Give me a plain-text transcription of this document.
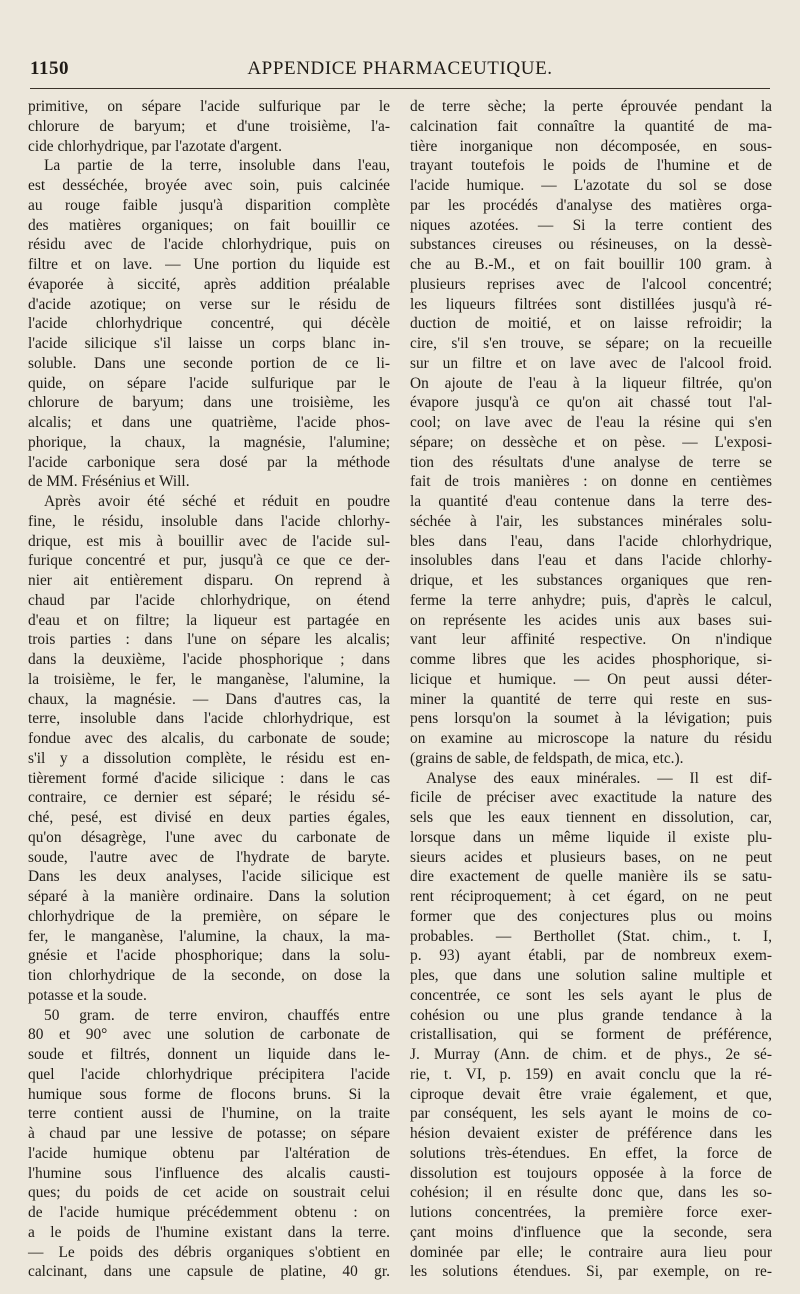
1150	APPENDICE PHARMACEUTIQUE.

primitive, on sépare l'acide sulfurique par le

chlorure de baryum; et d'une troisième, l'a-

cide chlorhydrique, par l'azotate d'argent.

La partie de la terre, insoluble dans l'eau,

est desséchée, broyée avec soin, puis calcinée

au rouge faible jusqu'à disparition complète

des matières organiques; on fait bouillir ce

résidu avec de l'acide chlorhydrique, puis on

filtre et on lave. — Une portion du liquide est

évaporée à siccité, après addition préalable

d'acide azotique; on verse sur le résidu de

l'acide chlorhydrique concentré, qui décèle

l'acide silicique s'il laisse un corps blanc in-

soluble. Dans une seconde portion de ce li-

quide, on sépare l'acide sulfurique par le

chlorure de baryum; dans une troisième, les

alcalis; et dans une quatrième, l'acide phos-

phorique, la chaux, la magnésie, l'alumine;

l'acide carbonique sera dosé par la méthode

de MM. Frésénius et Will.

Après avoir été séché et réduit en poudre

fine, le résidu, insoluble dans l'acide chlorhy-

drique, est mis à bouillir avec de l'acide sul-

furique concentré et pur, jusqu'à ce que ce der-

nier ait entièrement disparu. On reprend à

chaud par l'acide chlorhydrique, on étend

d'eau et on filtre; la liqueur est partagée en

trois parties : dans l'une on sépare les alcalis;

dans la deuxième, l'acide phosphorique ; dans

la troisième, le fer, le manganèse, l'alumine, la

chaux, la magnésie. — Dans d'autres cas, la

terre, insoluble dans l'acide chlorhydrique, est

fondue avec des alcalis, du carbonate de soude;

s'il y a dissolution complète, le résidu est en-

tièrement formé d'acide silicique : dans le cas

contraire, ce dernier est séparé; le résidu sé-

ché, pesé, est divisé en deux parties égales,

qu'on désagrège, l'une avec du carbonate de

soude, l'autre avec de l'hydrate de baryte.

Dans les deux analyses, l'acide silicique est

séparé à la manière ordinaire. Dans la solution

chlorhydrique de la première, on sépare le

fer, le manganèse, l'alumine, la chaux, la ma-

gnésie et l'acide phosphorique; dans la solu-

tion chlorhydrique de la seconde, on dose la

potasse et la soude.

50 gram. de terre environ, chauffés entre

80 et 90° avec une solution de carbonate de

soude et filtrés, donnent un liquide dans le-

quel l'acide chlorhydrique précipitera l'acide

humique sous forme de flocons bruns. Si la

terre contient aussi de l'humine, on la traite

à chaud par une lessive de potasse; on sépare

l'acide humique obtenu par l'altération de

l'humine sous l'influence des alcalis causti-

ques; du poids de cet acide on soustrait celui

de l'acide humique précédemment obtenu : on

a le poids de l'humine existant dans la terre.

— Le poids des débris organiques s'obtient en

calcinant, dans une capsule de platine, 40 gr.

de terre sèche; la perte éprouvée pendant la

calcination fait connaître la quantité de ma-

tière inorganique non décomposée, en sous-

trayant toutefois le poids de l'humine et de

l'acide humique. — L'azotate du sol se dose

par les procédés d'analyse des matières orga-

niques azotées. — Si la terre contient des

substances cireuses ou résineuses, on la dessè-

che au B.-M., et on fait bouillir 100 gram. à

plusieurs reprises avec de l'alcool concentré;

les liqueurs filtrées sont distillées jusqu'à ré-

duction de moitié, et on laisse refroidir; la

cire, s'il s'en trouve, se sépare; on la recueille

sur un filtre et on lave avec de l'alcool froid.

On ajoute de l'eau à la liqueur filtrée, qu'on

évapore jusqu'à ce qu'on ait chassé tout l'al-

cool; on lave avec de l'eau la résine qui s'en

sépare; on dessèche et on pèse. — L'exposi-

tion des résultats d'une analyse de terre se

fait de trois manières : on donne en centièmes

la quantité d'eau contenue dans la terre des-

séchée à l'air, les substances minérales solu-

bles dans l'eau, dans l'acide chlorhydrique,

insolubles dans l'eau et dans l'acide chlorhy-

drique, et les substances organiques que ren-

ferme la terre anhydre; puis, d'après le calcul,

on représente les acides unis aux bases sui-

vant leur affinité respective. On n'indique

comme libres que les acides phosphorique, si-

licique et humique. — On peut aussi déter-

miner la quantité de terre qui reste en sus-

pens lorsqu'on la soumet à la lévigation; puis

on examine au microscope la nature du résidu

(grains de sable, de feldspath, de mica, etc.).

Analyse des eaux minérales. — Il est dif-

ficile de préciser avec exactitude la nature des

sels que les eaux tiennent en dissolution, car,

lorsque dans un même liquide il existe plu-

sieurs acides et plusieurs bases, on ne peut

dire exactement de quelle manière ils se satu-

rent réciproquement; à cet égard, on ne peut

former que des conjectures plus ou moins

probables. — Berthollet (Stat. chim., t. I,

p. 93) ayant établi, par de nombreux exem-

ples, que dans une solution saline multiple et

concentrée, ce sont les sels ayant le plus de

cohésion ou une plus grande tendance à la

cristallisation, qui se forment de préférence,

J. Murray (Ann. de chim. et de phys., 2e sé-

rie, t. VI, p. 159) en avait conclu que la ré-

ciproque devait être vraie également, et que,

par conséquent, les sels ayant le moins de co-

hésion devaient exister de préférence dans les

solutions très-étendues. En effet, la force de

dissolution est toujours opposée à la force de

cohésion; il en résulte donc que, dans les so-

lutions concentrées, la première force exer-

çant moins d'influence que la seconde, sera

dominée par elle; le contraire aura lieu pour

les solutions étendues. Si, par exemple, on re-
